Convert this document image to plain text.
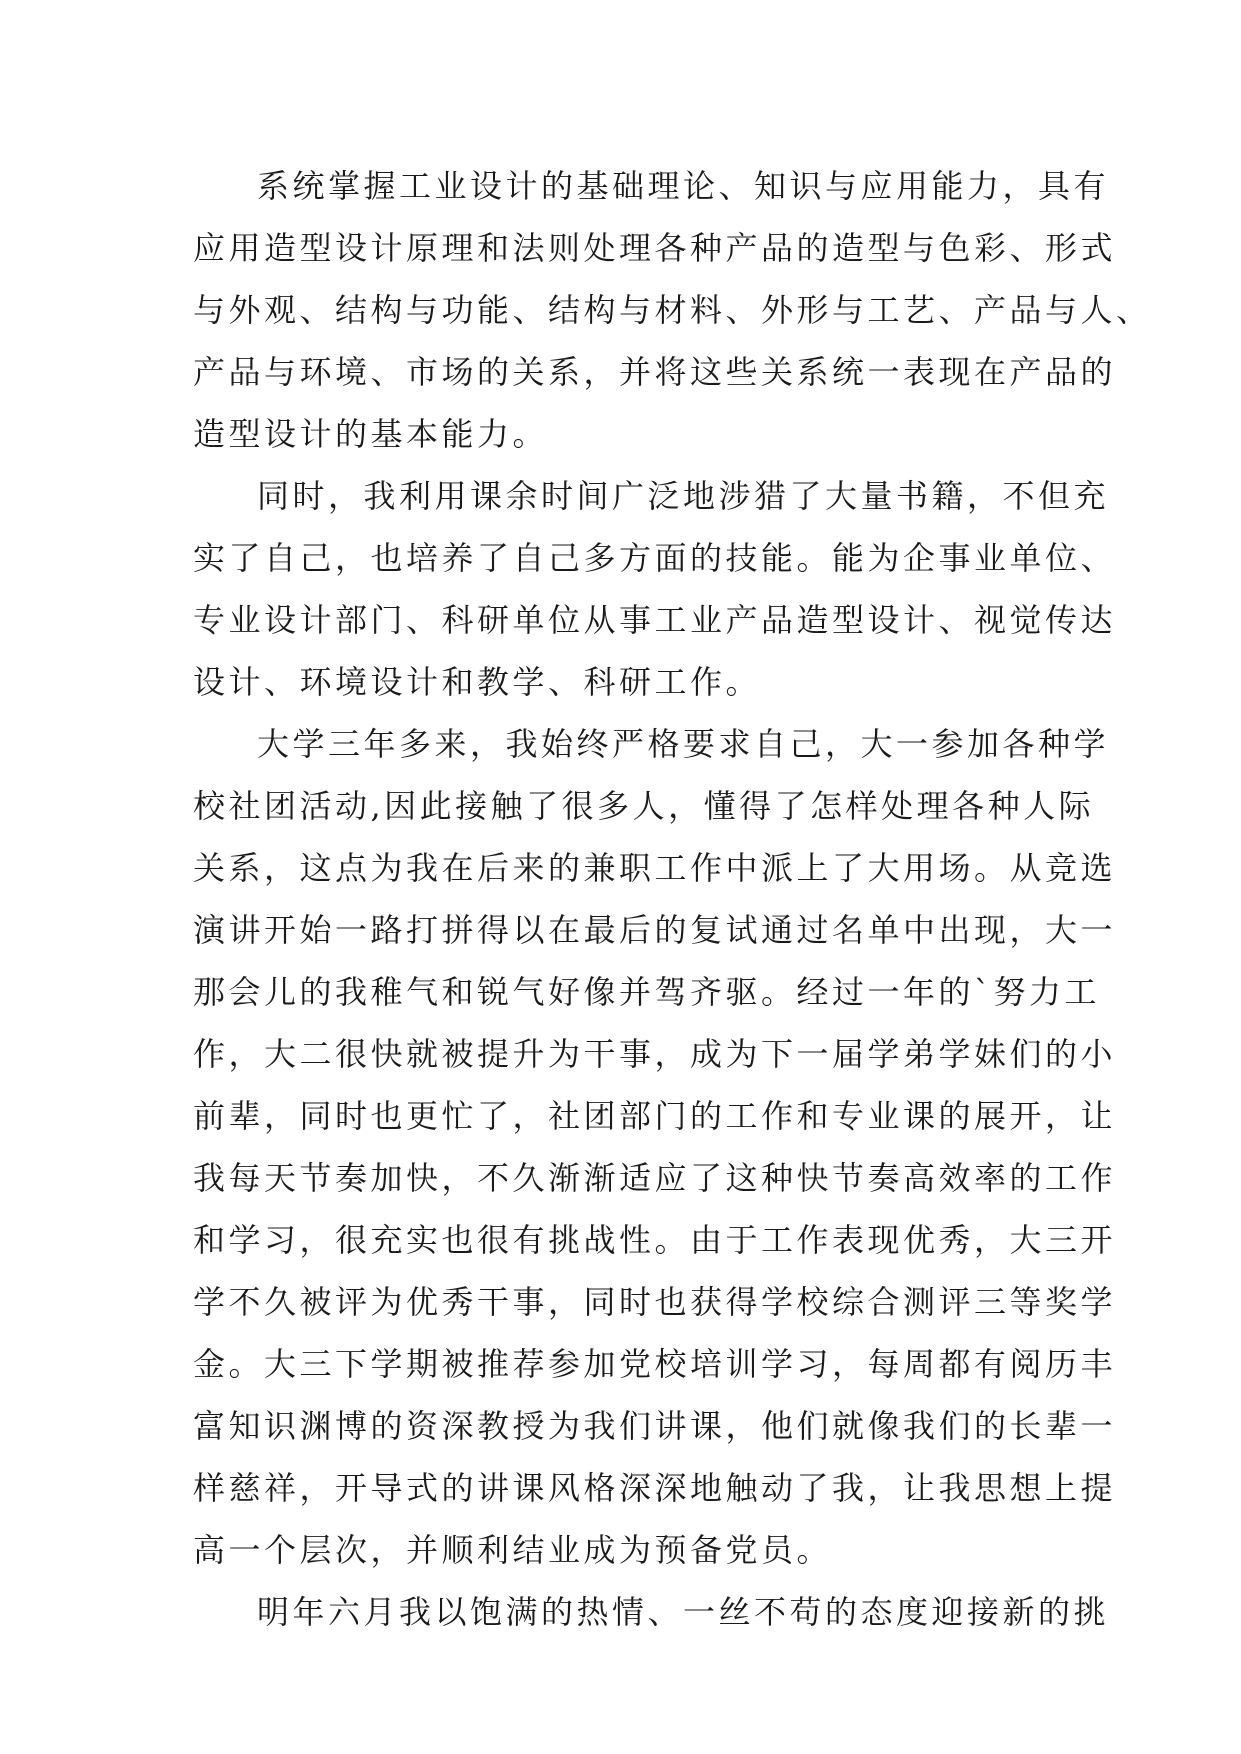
系统掌握工业设计的基础理论、知识与应用能力，具有
应用造型设计原理和法则处理各种产品的造型与色彩、形式
与外观、结构与功能、结构与材料、外形与工艺、产品与人、
产品与环境、市场的关系，并将这些关系统一表现在产品的
造型设计的基本能力。
同时，我利用课余时间广泛地涉猎了大量书籍，不但充
实了自己，也培养了自己多方面的技能。能为企事业单位、
专业设计部门、科研单位从事工业产品造型设计、视觉传达
设计、环境设计和教学、科研工作。
大学三年多来，我始终严格要求自己，大一参加各种学
校社团活动,因此接触了很多人，懂得了怎样处理各种人际
关系，这点为我在后来的兼职工作中派上了大用场。从竞选
演讲开始一路打拼得以在最后的复试通过名单中出现，大一
那会儿的我稚气和锐气好像并驾齐驱。经过一年的`努力工
作，大二很快就被提升为干事，成为下一届学弟学妹们的小
前辈，同时也更忙了，社团部门的工作和专业课的展开，让
我每天节奏加快，不久渐渐适应了这种快节奏高效率的工作
和学习，很充实也很有挑战性。由于工作表现优秀，大三开
学不久被评为优秀干事，同时也获得学校综合测评三等奖学
金。大三下学期被推荐参加党校培训学习，每周都有阅历丰
富知识渊博的资深教授为我们讲课，他们就像我们的长辈一
样慈祥，开导式的讲课风格深深地触动了我，让我思想上提
高一个层次，并顺利结业成为预备党员。
明年六月我以饱满的热情、一丝不苟的态度迎接新的挑
